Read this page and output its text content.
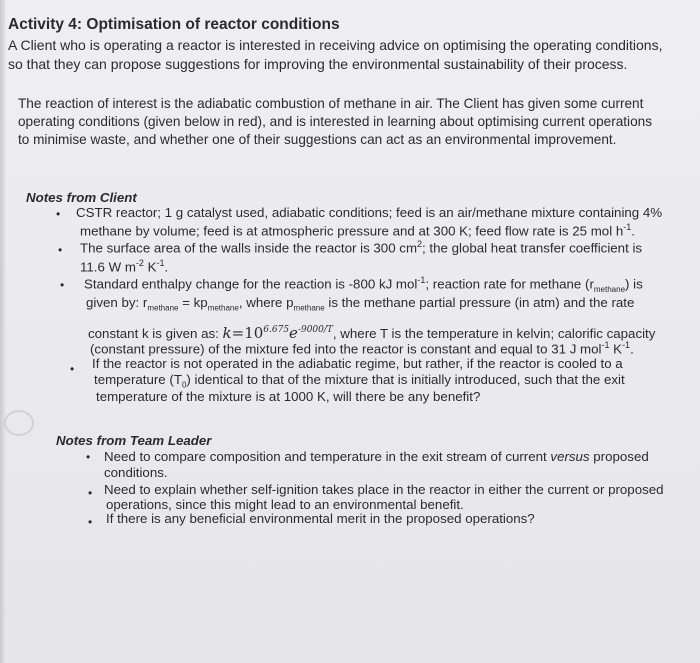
Activity 4: Optimisation of reactor conditions
A Client who is operating a reactor is interested in receiving advice on optimising the operating conditions,
so that they can propose suggestions for improving the environmental sustainability of their process.
The reaction of interest is the adiabatic combustion of methane in air. The Client has given some current
operating conditions (given below in red), and is interested in learning about optimising current operations
to minimise waste, and whether one of their suggestions can act as an environmental improvement.
Notes from Client
• CSTR reactor; 1 g catalyst used, adiabatic conditions; feed is an air/methane mixture containing 4%
methane by volume; feed is at atmospheric pressure and at 300 K; feed flow rate is 25 mol $h^{-1}$.
• The surface area of the walls inside the reactor is 300 $cm^2$; the global heat transfer coefficient is
11.6 W $m^{-2}$ $K^{-1}$.
• Standard enthalpy change for the reaction is -800 kJ mol$^{-1}$; reaction rate for methane $(r_{methane})$ is
given by: $r_{methane} = kp_{methane}$, where $p_{methane}$ is the methane partial pressure (in atm) and the rate
constant k is given as: $k=10^{6.675}e^{-9000/T}$, where T is the temperature in kelvin; calorific capacity
(constant pressure) of the mixture fed into the reactor is constant and equal to 31 J mol$^{-1}$ $K^{-1}$.
• If the reactor is not operated in the adiabatic regime, but rather, if the reactor is cooled to a
temperature $(T_0)$ identical to that of the mixture that is initially introduced, such that the exit
temperature of the mixture is at 1000 K, will there be any benefit?
Notes from Team Leader
• Need to compare composition and temperature in the exit stream of current versus proposed
conditions.
• Need to explain whether self-ignition takes place in the reactor in either the current or proposed
operations, since this might lead to an environmental benefit.
• If there is any beneficial environmental merit in the proposed operations?
